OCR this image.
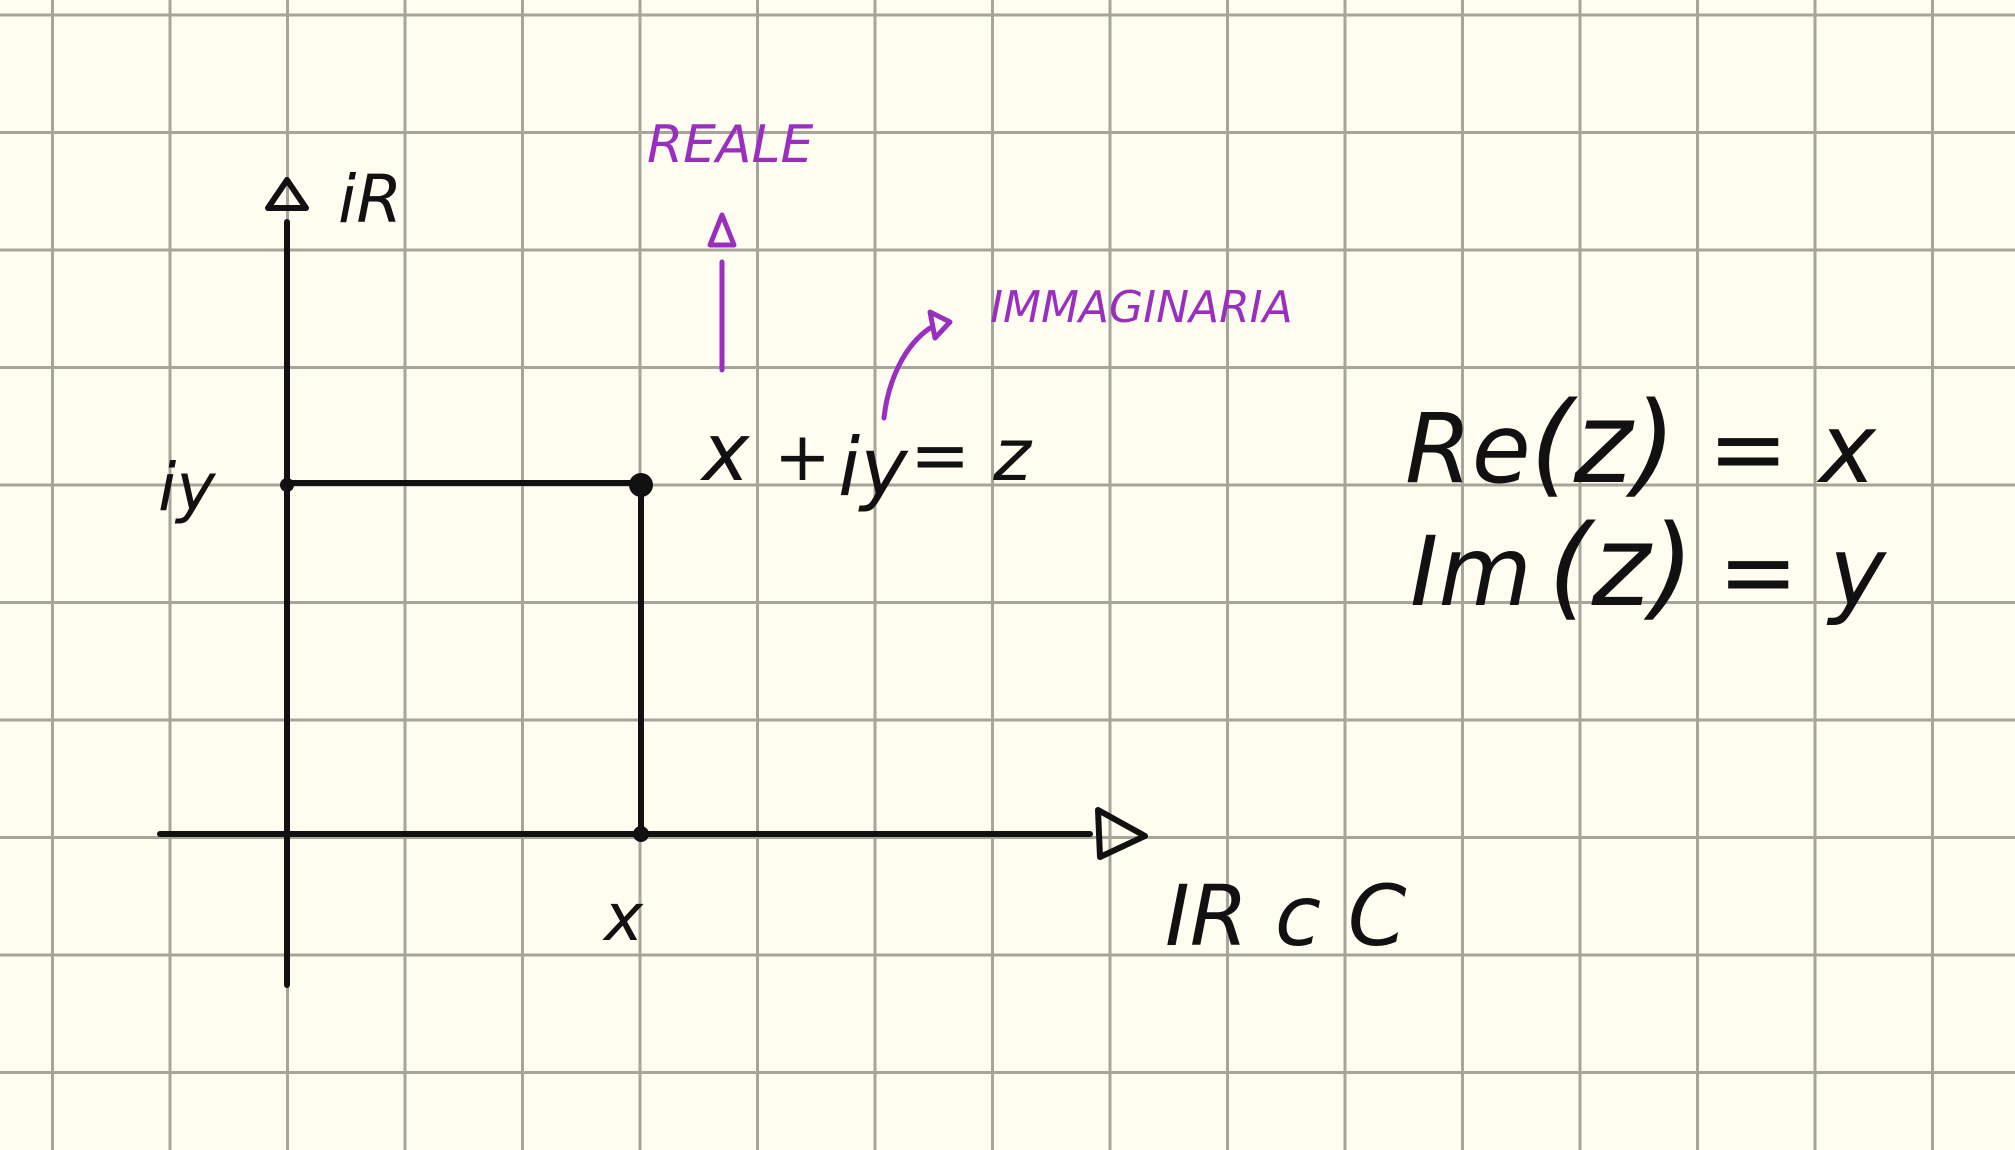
iR
IR c C
iy
x
x + iy = z	Re (z) = x
Im (z) = y
REALE
IMMAGINARIA
